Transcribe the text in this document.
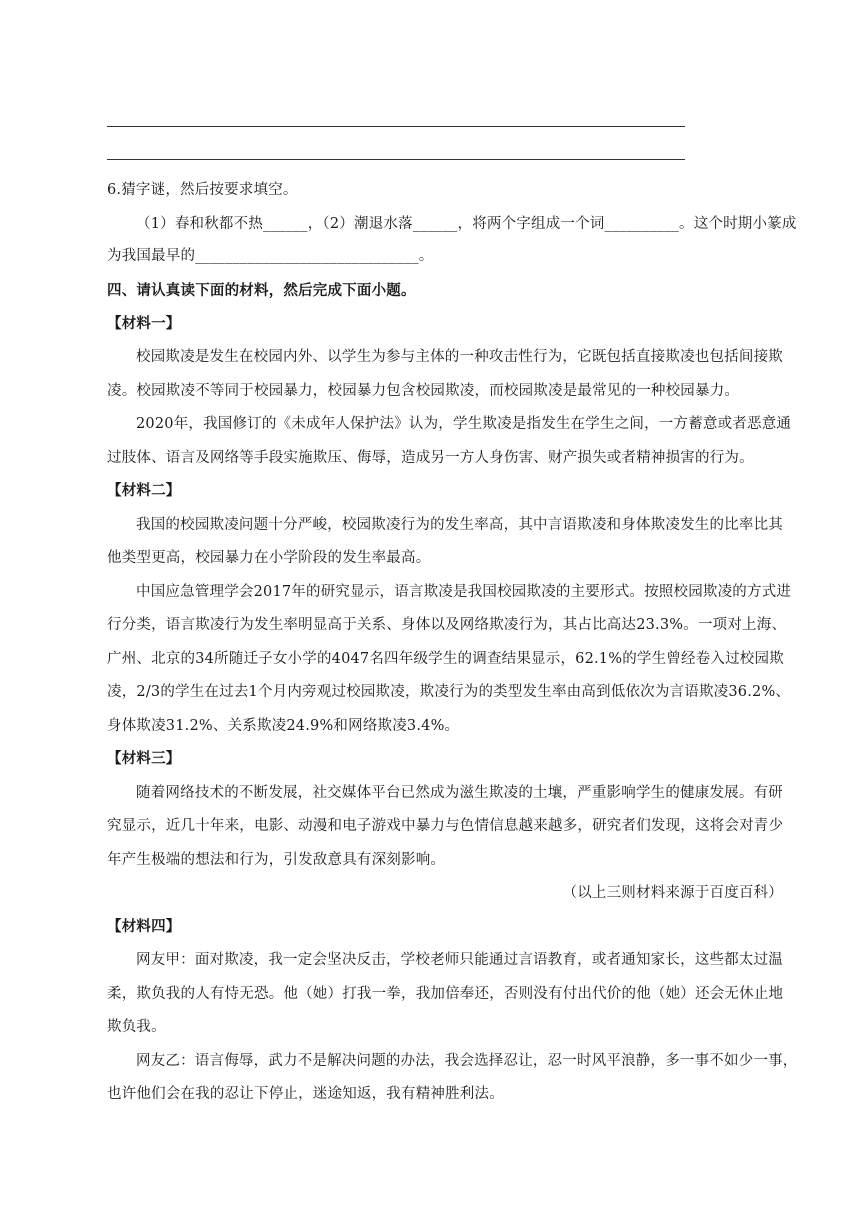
6.猜字谜，然后按要求填空。
（1）春和秋都不热______，（2）潮退水落______，将两个字组成一个词__________。这个时期小篆成
为我国最早的______________________________。
四、请认真读下面的材料，然后完成下面小题。
【材料一】
校园欺凌是发生在校园内外、以学生为参与主体的一种攻击性行为，它既包括直接欺凌也包括间接欺
凌。校园欺凌不等同于校园暴力，校园暴力包含校园欺凌，而校园欺凌是最常见的一种校园暴力。
2020年，我国修订的《未成年人保护法》认为，学生欺凌是指发生在学生之间，一方蓄意或者恶意通
过肢体、语言及网络等手段实施欺压、侮辱，造成另一方人身伤害、财产损失或者精神损害的行为。
【材料二】
我国的校园欺凌问题十分严峻，校园欺凌行为的发生率高，其中言语欺凌和身体欺凌发生的比率比其
他类型更高，校园暴力在小学阶段的发生率最高。
中国应急管理学会2017年的研究显示，语言欺凌是我国校园欺凌的主要形式。按照校园欺凌的方式进
行分类，语言欺凌行为发生率明显高于关系、身体以及网络欺凌行为，其占比高达23.3%。一项对上海、
广州、北京的34所随迁子女小学的4047名四年级学生的调查结果显示，62.1%的学生曾经卷入过校园欺
凌，2/3的学生在过去1个月内旁观过校园欺凌，欺凌行为的类型发生率由高到低依次为言语欺凌36.2%、
身体欺凌31.2%、关系欺凌24.9%和网络欺凌3.4%。
【材料三】
随着网络技术的不断发展，社交媒体平台已然成为滋生欺凌的土壤，严重影响学生的健康发展。有研
究显示，近几十年来，电影、动漫和电子游戏中暴力与色情信息越来越多，研究者们发现，这将会对青少
年产生极端的想法和行为，引发敌意具有深刻影响。
（以上三则材料来源于百度百科）
【材料四】
网友甲：面对欺凌，我一定会坚决反击，学校老师只能通过言语教育，或者通知家长，这些都太过温
柔，欺负我的人有恃无恐。他（她）打我一拳，我加倍奉还，否则没有付出代价的他（她）还会无休止地
欺负我。
网友乙：语言侮辱，武力不是解决问题的办法，我会选择忍让，忍一时风平浪静，多一事不如少一事，
也许他们会在我的忍让下停止，迷途知返，我有精神胜利法。
